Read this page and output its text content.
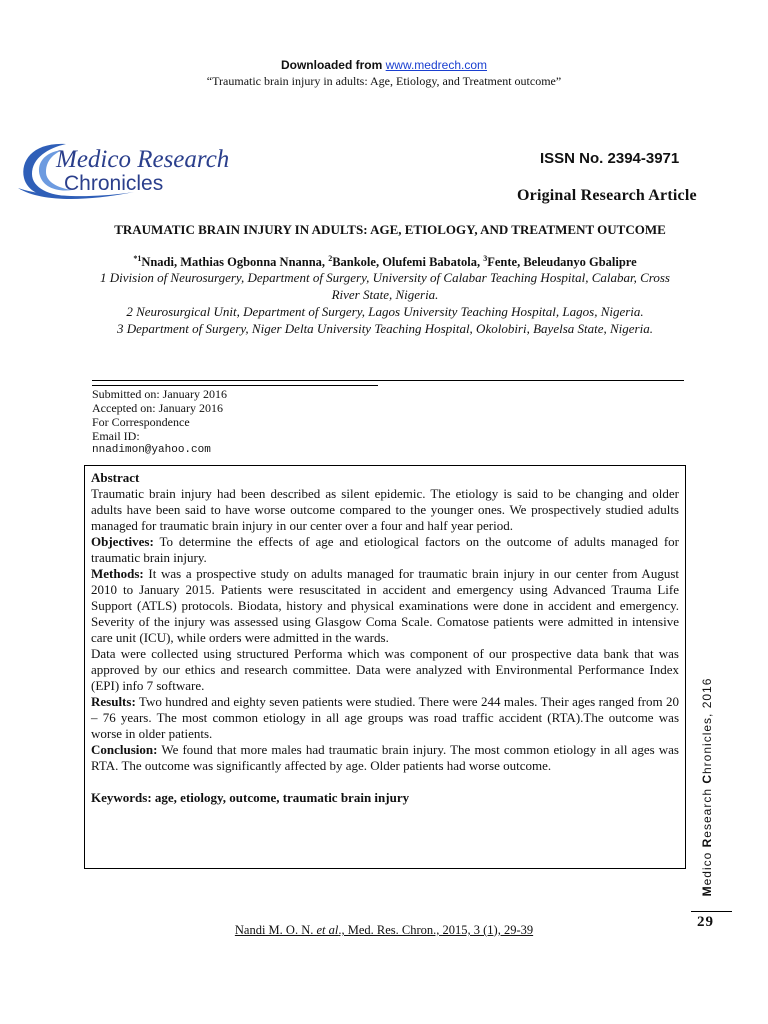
Downloaded from www.medrech.com
“Traumatic brain injury in adults: Age, Etiology, and Treatment outcome”
Medico Research
Chronicles
ISSN No. 2394-3971
Original Research Article
TRAUMATIC BRAIN INJURY IN ADULTS: AGE, ETIOLOGY, AND TREATMENT OUTCOME
$^{*1}$Nnadi, Mathias Ogbonna Nnanna, $^2$Bankole, Olufemi Babatola, $^3$Fente, Beleudanyo Gbalipre
1 Division of Neurosurgery, Department of Surgery, University of Calabar Teaching Hospital, Calabar, Cross River State, Nigeria.
2 Neurosurgical Unit, Department of Surgery, Lagos University Teaching Hospital, Lagos, Nigeria.
3 Department of Surgery, Niger Delta University Teaching Hospital, Okolobiri, Bayelsa State, Nigeria.
Submitted on: January 2016
Accepted on: January 2016
For Correspondence
Email ID:
nnadimon@yahoo.com

Abstract

Traumatic brain injury had been described as silent epidemic. The etiology is said to be changing and older adults have been said to have worse outcome compared to the younger ones. We prospectively studied adults managed for traumatic brain injury in our center over a four and half year period.

Objectives: To determine the effects of age and etiological factors on the outcome of adults managed for traumatic brain injury.

Methods: It was a prospective study on adults managed for traumatic brain injury in our center from August 2010 to January 2015. Patients were resuscitated in accident and emergency using Advanced Trauma Life Support (ATLS) protocols. Biodata, history and physical examinations were done in accident and emergency. Severity of the injury was assessed using Glasgow Coma Scale. Comatose patients were admitted in intensive care unit (ICU), while orders were admitted in the wards.

Data were collected using structured Performa which was component of our prospective data bank that was approved by our ethics and research committee. Data were analyzed with Environmental Performance Index (EPI) info 7 software.

Results: Two hundred and eighty seven patients were studied. There were 244 males. Their ages ranged from 20 – 76 years. The most common etiology in all age groups was road traffic accident (RTA).The outcome was worse in older patients.

Conclusion: We found that more males had traumatic brain injury. The most common etiology in all ages was RTA. The outcome was significantly affected by age. Older patients had worse outcome.

Keywords: age, etiology, outcome, traumatic brain injury

Medico Research Chronicles, 2016
29
Nandi M. O. N. et al., Med. Res. Chron., 2015, 3 (1), 29-39
